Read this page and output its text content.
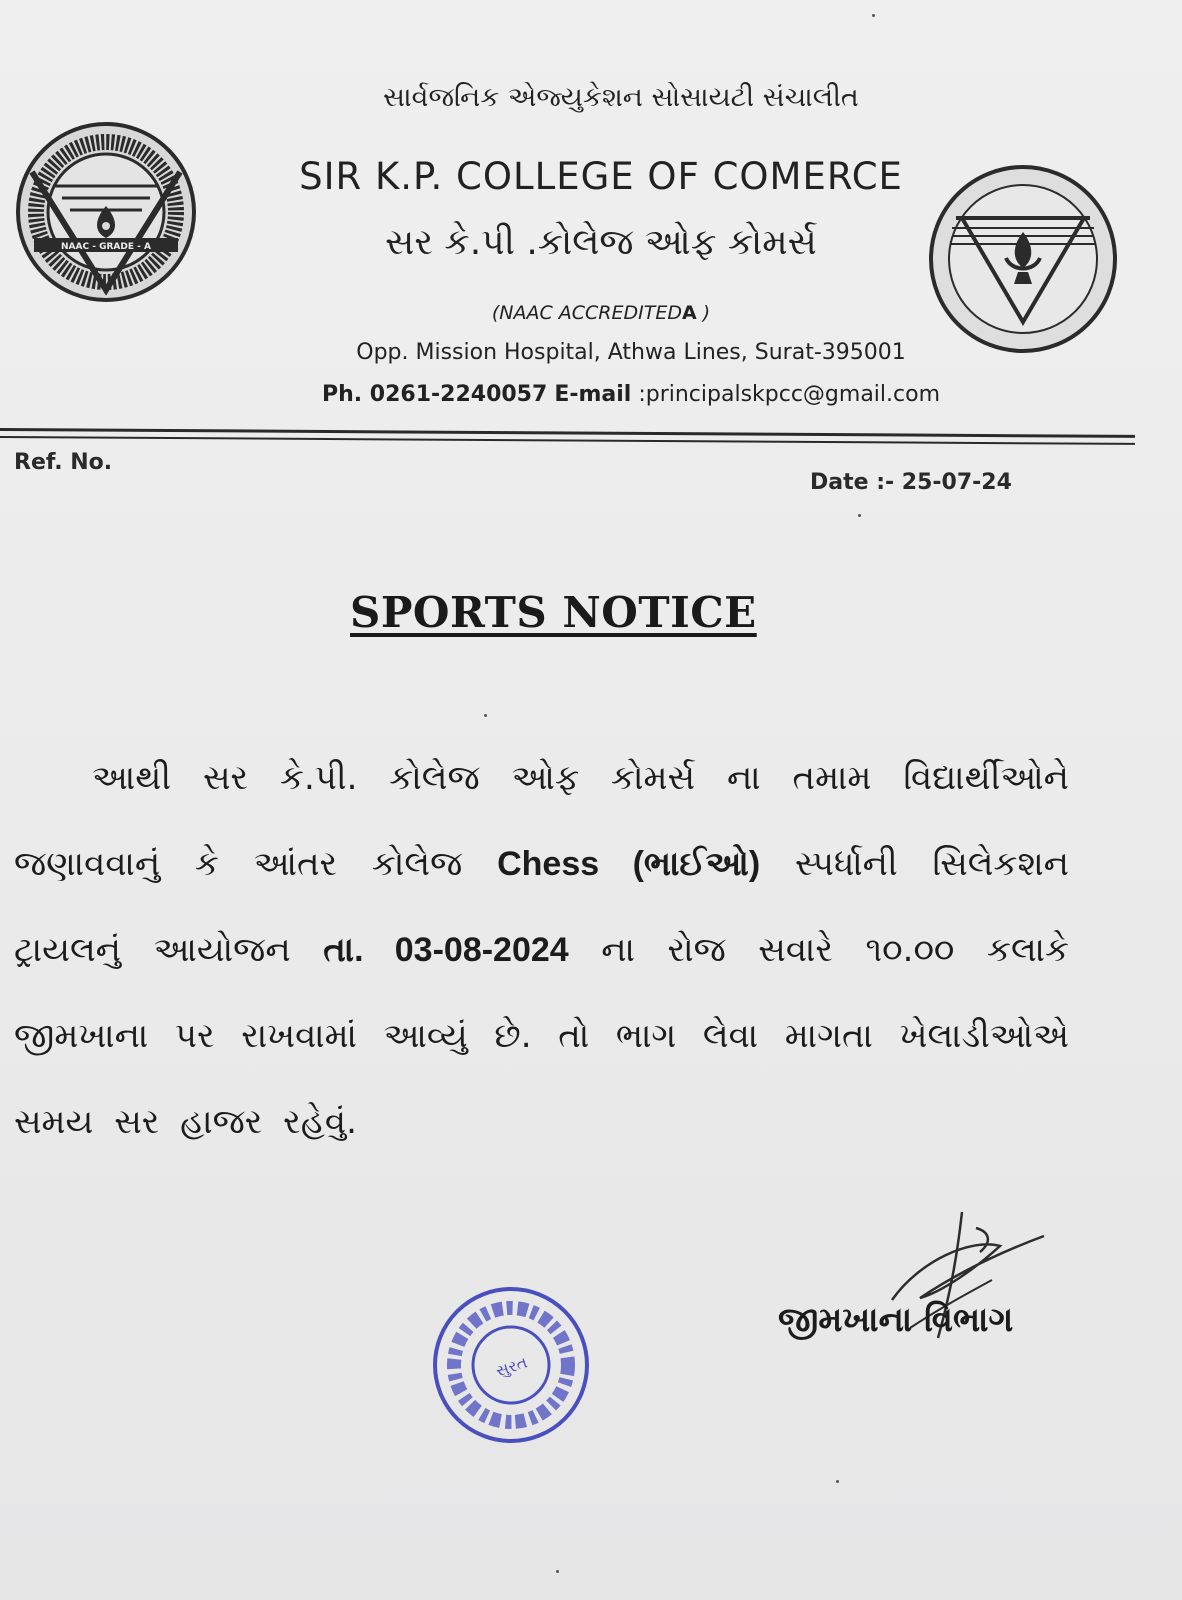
NAAC - GRADE - A
સાર્વજનિક એજ્યુકેશન સોસાયટી સંચાલીત
SIR K.P. COLLEGE OF COMERCE
સર કે.પી .કોલેજ ઓફ કોમર્સ
(NAAC ACCREDITEDA )
Opp. Mission Hospital, Athwa Lines, Surat-395001
Ph. 0261-2240057 E-mail :principalskpcc@gmail.com
Ref. No.
Date :- 25-07-24
SPORTS NOTICE
આથી સર કે.પી. કોલેજ ઓફ કોમર્સ ના તમામ વિદ્યાર્થીઓને જણાવવાનું કે આંતર કોલેજ Chess (ભાઈઓ) સ્પર્ધાની સિલેકશન ટ્રાયલનું આયોજન તા. 03-08-2024 ના રોજ સવારે ૧૦.૦૦ કલાકે જીમખાના પર રાખવામાં આવ્યું છે. તો ભાગ લેવા માગતા ખેલાડીઓએ સમય સર હાજર રહેવું.
સુરત
જીમખાના વિભાગ
